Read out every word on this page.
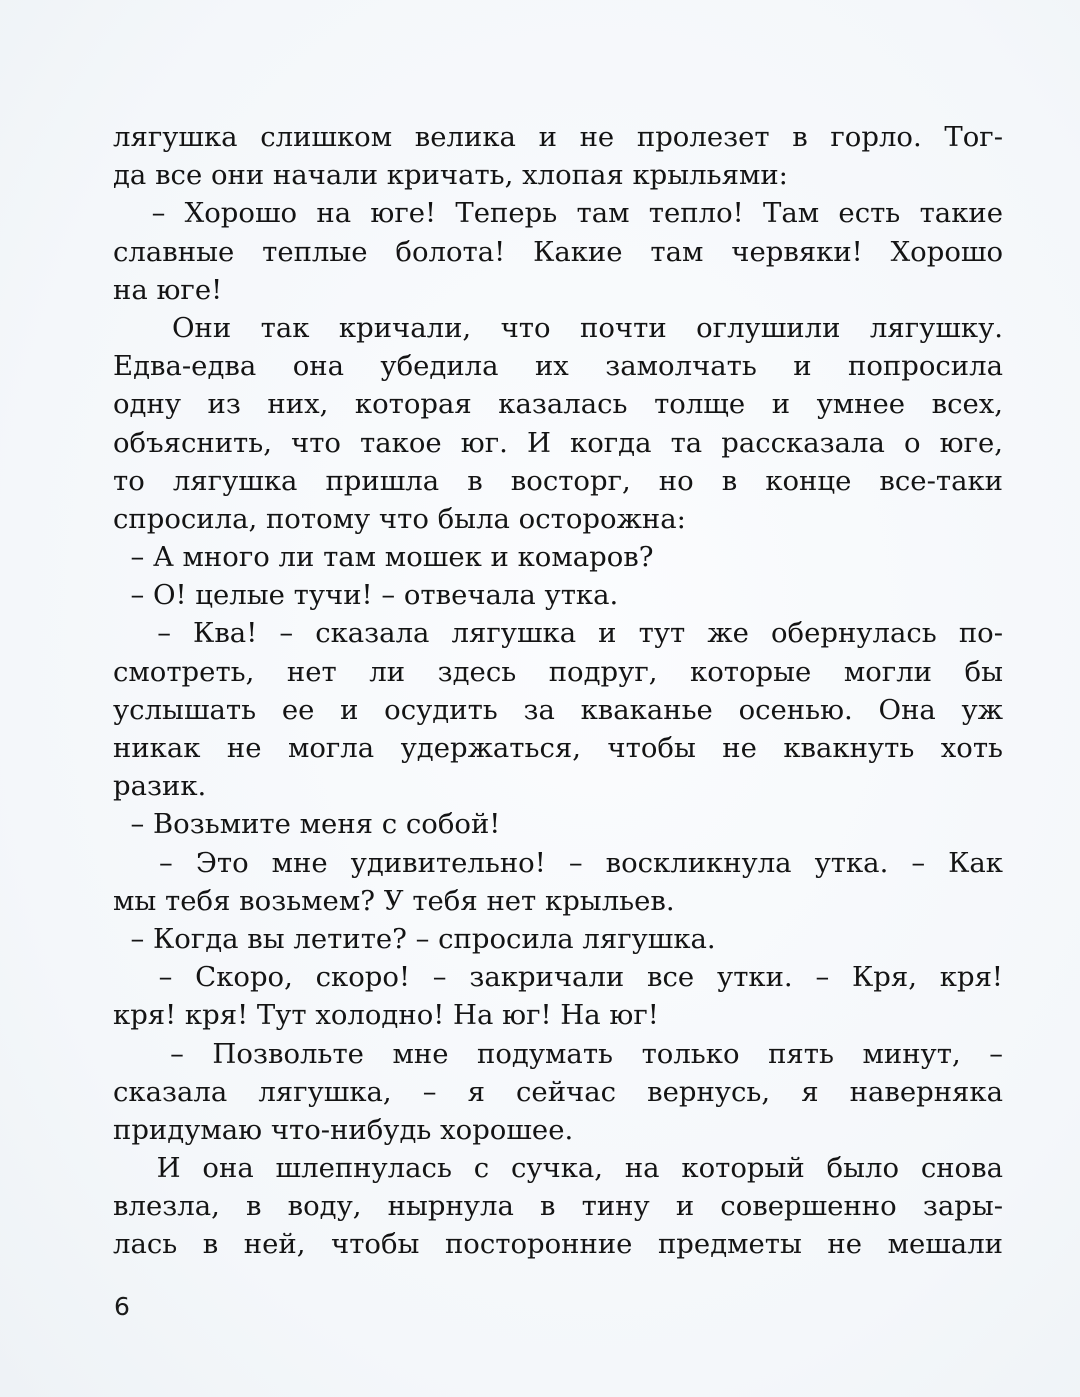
лягушка слишком велика и не пролезет в горло. Тог-
да все они начали кричать, хлопая крыльями:
– Хорошо на юге! Теперь там тепло! Там есть такие
славные теплые болота! Какие там червяки! Хорошо
на юге!
Они так кричали, что почти оглушили лягушку.
Едва-едва она убедила их замолчать и попросила
одну из них, которая казалась толще и умнее всех,
объяснить, что такое юг. И когда та рассказала о юге,
то лягушка пришла в восторг, но в конце все-таки
спросила, потому что была осторожна:
– А много ли там мошек и комаров?
– О! целые тучи! – отвечала утка.
– Ква! – сказала лягушка и тут же обернулась по-
смотреть, нет ли здесь подруг, которые могли бы
услышать ее и осудить за кваканье осенью. Она уж
никак не могла удержаться, чтобы не квакнуть хоть
разик.
– Возьмите меня с собой!
– Это мне удивительно! – воскликнула утка. – Как
мы тебя возьмем? У тебя нет крыльев.
– Когда вы летите? – спросила лягушка.
– Скоро, скоро! – закричали все утки. – Кря, кря!
кря! кря! Тут холодно! На юг! На юг!
– Позвольте мне подумать только пять минут, –
сказала лягушка, – я сейчас вернусь, я наверняка
придумаю что-нибудь хорошее.
И она шлепнулась с сучка, на который было снова
влезла, в воду, нырнула в тину и совершенно зары-
лась в ней, чтобы посторонние предметы не мешали
6
